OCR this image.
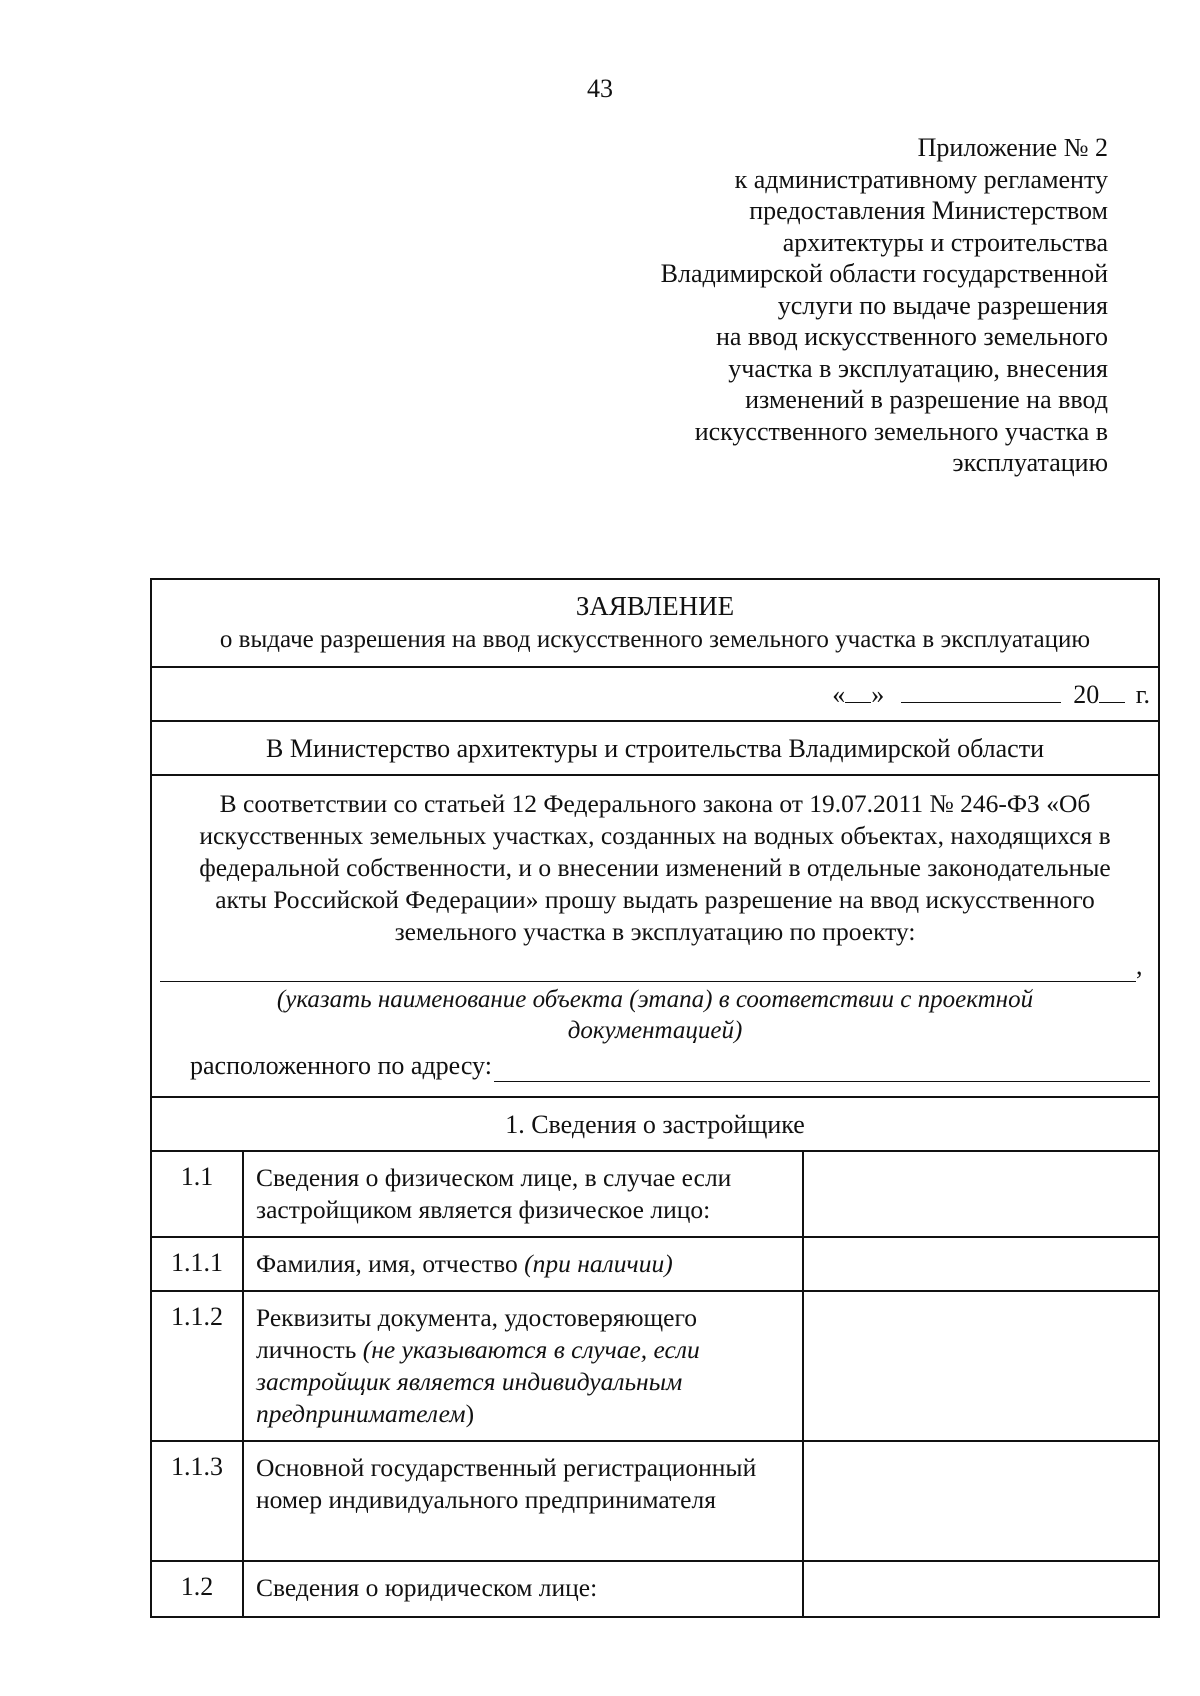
43
Приложение № 2
к административному регламенту
предоставления Министерством
архитектуры и строительства
Владимирской области государственной
услуги по выдаче разрешения
на ввод искусственного земельного
участка в эксплуатацию, внесения
изменений в разрешение на ввод
искусственного земельного участка в
эксплуатацию
ЗАЯВЛЕНИЕ
о выдаче разрешения на ввод искусственного земельного участка в эксплуатацию
« »	20 г.
В Министерство архитектуры и строительства Владимирской области
В соответствии со статьей 12 Федерального закона от 19.07.2011 № 246-ФЗ «Об
искусственных земельных участках, созданных на водных объектах, находящихся в
федеральной собственности, и о внесении изменений в отдельные законодательные
акты Российской Федерации» прошу выдать разрешение на ввод искусственного
земельного участка в эксплуатацию по проекту:
,
(указать наименование объекта (этапа) в соответствии с проектной
документацией)
расположенного по адресу:
1. Сведения о застройщике
1.1	Сведения о физическом лице, в случае если застройщиком является физическое лицо:
1.1.1	Фамилия, имя, отчество (при наличии)
1.1.2	Реквизиты документа, удостоверяющего личность (не указываются в случае, если застройщик является индивидуальным предпринимателем)
1.1.3	Основной государственный регистрационный номер индивидуального предпринимателя
1.2	Сведения о юридическом лице:
